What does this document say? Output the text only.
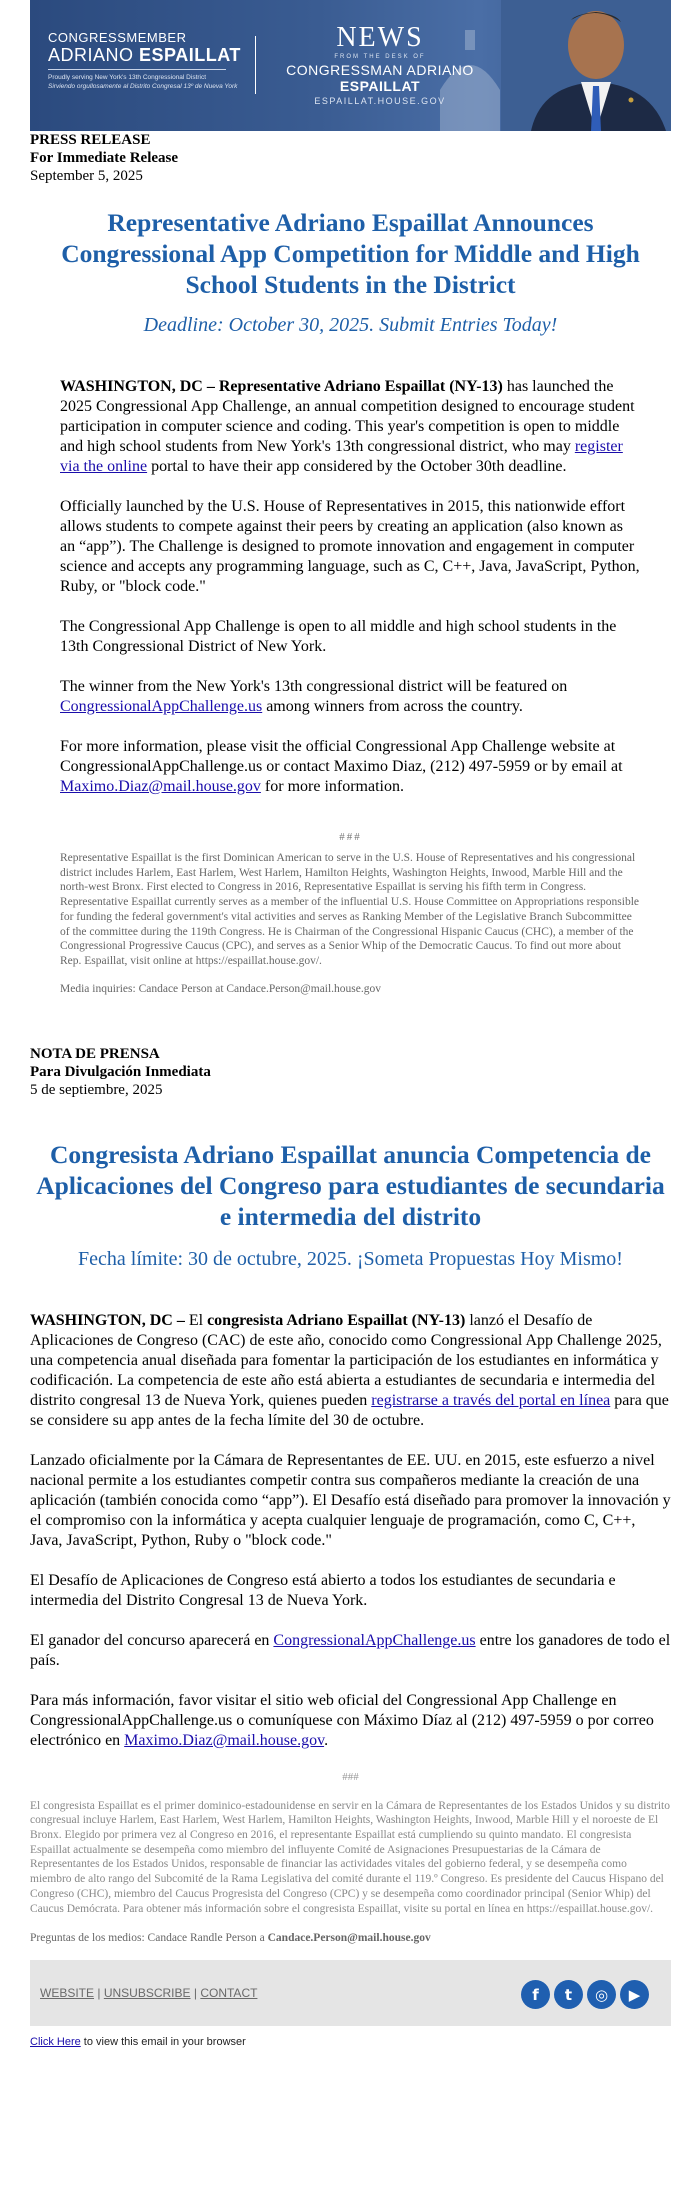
CONGRESSMEMBER
ADRIANO ESPAILLAT
Proudly serving New York's 13th Congressional District
Sirviendo orgullosamente al Distrito Congresal 13º de Nueva York
NEWS
FROM THE DESK OF
CONGRESSMAN ADRIANO ESPAILLAT
ESPAILLAT.HOUSE.GOV
PRESS RELEASE
For Immediate Release
September 5, 2025
Representative Adriano Espaillat Announces Congressional App Competition for Middle and High School Students in the District
Deadline: October 30, 2025. Submit Entries Today!

WASHINGTON, DC – Representative Adriano Espaillat (NY-13) has launched the 2025 Congressional App Challenge, an annual competition designed to encourage student participation in computer science and coding. This year's competition is open to middle and high school students from New York's 13th congressional district, who may register via the online portal to have their app considered by the October 30th deadline.

Officially launched by the U.S. House of Representatives in 2015, this nationwide effort allows students to compete against their peers by creating an application (also known as an “app”). The Challenge is designed to promote innovation and engagement in computer science and accepts any programming language, such as C, C++, Java, JavaScript, Python, Ruby, or "block code."

The Congressional App Challenge is open to all middle and high school students in the 13th Congressional District of New York.

The winner from the New York's 13th congressional district will be featured on CongressionalAppChallenge.us among winners from across the country.

For more information, please visit the official Congressional App Challenge website at CongressionalAppChallenge.us or contact Maximo Diaz, (212) 497-5959 or by email at Maximo.Diaz@mail.house.gov for more information.

###
Representative Espaillat is the first Dominican American to serve in the U.S. House of Representatives and his congressional district includes Harlem, East Harlem, West Harlem, Hamilton Heights, Washington Heights, Inwood, Marble Hill and the north-west Bronx. First elected to Congress in 2016, Representative Espaillat is serving his fifth term in Congress. Representative Espaillat currently serves as a member of the influential U.S. House Committee on Appropriations responsible for funding the federal government's vital activities and serves as Ranking Member of the Legislative Branch Subcommittee of the committee during the 119th Congress. He is Chairman of the Congressional Hispanic Caucus (CHC), a member of the Congressional Progressive Caucus (CPC), and serves as a Senior Whip of the Democratic Caucus. To find out more about Rep. Espaillat, visit online at https://espaillat.house.gov/.
Media inquiries: Candace Person at Candace.Person@mail.house.gov
NOTA DE PRENSA
Para Divulgación Inmediata
5 de septiembre, 2025
Congresista Adriano Espaillat anuncia Competencia de Aplicaciones del Congreso para estudiantes de secundaria e intermedia del distrito
Fecha límite: 30 de octubre, 2025. ¡Someta Propuestas Hoy Mismo!

WASHINGTON, DC – El congresista Adriano Espaillat (NY-13) lanzó el Desafío de Aplicaciones de Congreso (CAC) de este año, conocido como Congressional App Challenge 2025, una competencia anual diseñada para fomentar la participación de los estudiantes en informática y codificación. La competencia de este año está abierta a estudiantes de secundaria e intermedia del distrito congresal 13 de Nueva York, quienes pueden registrarse a través del portal en línea para que se considere su app antes de la fecha límite del 30 de octubre.

Lanzado oficialmente por la Cámara de Representantes de EE. UU. en 2015, este esfuerzo a nivel nacional permite a los estudiantes competir contra sus compañeros mediante la creación de una aplicación (también conocida como “app”). El Desafío está diseñado para promover la innovación y el compromiso con la informática y acepta cualquier lenguaje de programación, como C, C++, Java, JavaScript, Python, Ruby o "block code."

El Desafío de Aplicaciones de Congreso está abierto a todos los estudiantes de secundaria e intermedia del Distrito Congresal 13 de Nueva York.

El ganador del concurso aparecerá en CongressionalAppChallenge.us entre los ganadores de todo el país.

Para más información, favor visitar el sitio web oficial del Congressional App Challenge en CongressionalAppChallenge.us o comuníquese con Máximo Díaz al (212) 497-5959 o por correo electrónico en Maximo.Diaz@mail.house.gov.

###
El congresista Espaillat es el primer dominico-estadounidense en servir en la Cámara de Representantes de los Estados Unidos y su distrito congresual incluye Harlem, East Harlem, West Harlem, Hamilton Heights, Washington Heights, Inwood, Marble Hill y el noroeste de El Bronx. Elegido por primera vez al Congreso en 2016, el representante Espaillat está cumpliendo su quinto mandato. El congresista Espaillat actualmente se desempeña como miembro del influyente Comité de Asignaciones Presupuestarias de la Cámara de Representantes de los Estados Unidos, responsable de financiar las actividades vitales del gobierno federal, y se desempeña como miembro de alto rango del Subcomité de la Rama Legislativa del comité durante el 119.º Congreso. Es presidente del Caucus Hispano del Congreso (CHC), miembro del Caucus Progresista del Congreso (CPC) y se desempeña como coordinador principal (Senior Whip) del Caucus Demócrata. Para obtener más información sobre el congresista Espaillat, visite su portal en línea en https://espaillat.house.gov/.
Preguntas de los medios: Candace Randle Person a Candace.Person@mail.house.gov
WEBSITE | UNSUBSCRIBE | CONTACT	f	t	◎	▶
Click Here to view this email in your browser
